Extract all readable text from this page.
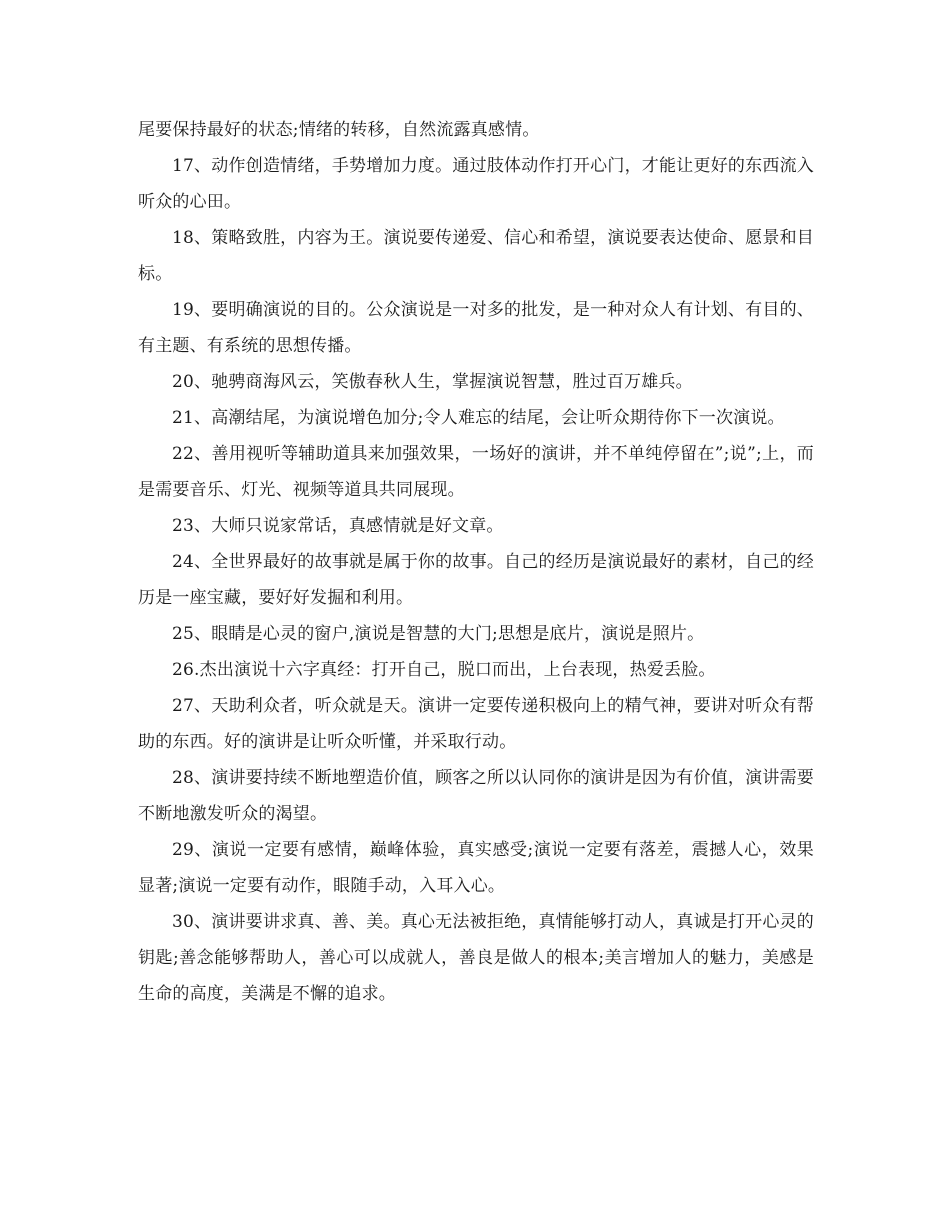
尾要保持最好的状态;情绪的转移，自然流露真感情。

17、动作创造情绪，手势增加力度。通过肢体动作打开心门，才能让更好的东西流入听众的心田。

18、策略致胜，内容为王。演说要传递爱、信心和希望，演说要表达使命、愿景和目标。

19、要明确演说的目的。公众演说是一对多的批发，是一种对众人有计划、有目的、有主题、有系统的思想传播。

20、驰骋商海风云，笑傲春秋人生，掌握演说智慧，胜过百万雄兵。

21、高潮结尾，为演说增色加分;令人难忘的结尾，会让听众期待你下一次演说。

22、善用视听等辅助道具来加强效果，一场好的演讲，并不单纯停留在”;说”;上，而是需要音乐、灯光、视频等道具共同展现。

23、大师只说家常话，真感情就是好文章。

24、全世界最好的故事就是属于你的故事。自己的经历是演说最好的素材，自己的经历是一座宝藏，要好好发掘和利用。

25、眼睛是心灵的窗户,演说是智慧的大门;思想是底片，演说是照片。

26.杰出演说十六字真经：打开自己，脱口而出，上台表现，热爱丢脸。

27、天助利众者，听众就是天。演讲一定要传递积极向上的精气神，要讲对听众有帮助的东西。好的演讲是让听众听懂，并采取行动。

28、演讲要持续不断地塑造价值，顾客之所以认同你的演讲是因为有价值，演讲需要不断地激发听众的渴望。

29、演说一定要有感情，巅峰体验，真实感受;演说一定要有落差，震撼人心，效果显著;演说一定要有动作，眼随手动，入耳入心。

30、演讲要讲求真、善、美。真心无法被拒绝，真情能够打动人，真诚是打开心灵的钥匙;善念能够帮助人，善心可以成就人，善良是做人的根本;美言增加人的魅力，美感是生命的高度，美满是不懈的追求。
